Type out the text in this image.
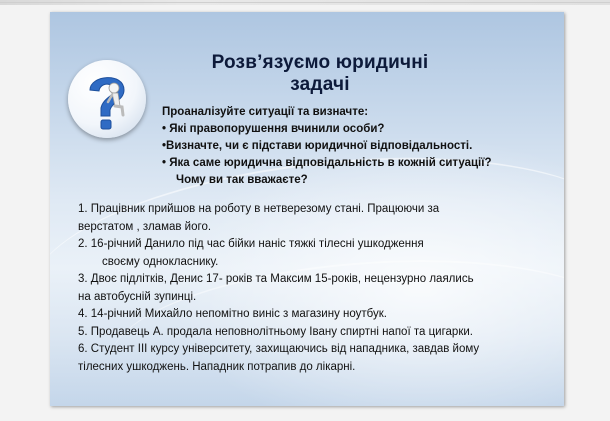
Розв’язуємо юридичні задачі
Проаналізуйте ситуації та визначте:
• Які правопорушення вчинили особи?
•Визначте, чи є підстави юридичної відповідальності.
• Яка саме юридична відповідальність в кожній ситуації?
Чому ви так вважаєте?
1. Працівник прийшов на роботу в нетверезому стані. Працюючи за
верстатом , зламав його.
2. 16-річний Данило під час бійки наніс тяжкі тілесні ушкодження
своєму однокласнику.
3. Двоє підлітків, Денис 17- років та Максим 15-років, нецензурно лаялись
на автобусній зупинці.
4. 14-річний Михайло непомітно виніс з магазину ноутбук.
5. Продавець А. продала неповнолітньому Івану спиртні напої та цигарки.
6. Студент ІІІ курсу університету, захищаючись від нападника, завдав йому
тілесних ушкоджень. Нападник потрапив до лікарні.
